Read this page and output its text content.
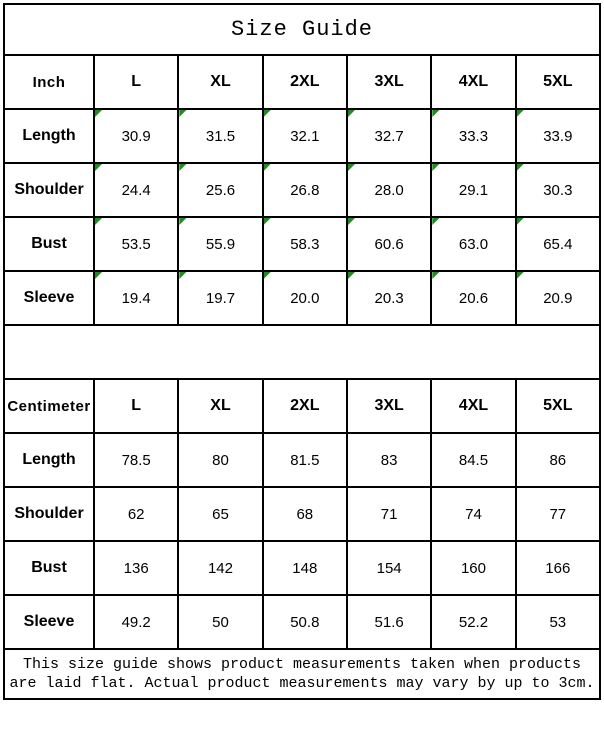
Size Guide						
Inch	L	XL	2XL	3XL	4XL	5XL
Length	30.9	31.5	32.1	32.7	33.3	33.9
Shoulder	24.4	25.6	26.8	28.0	29.1	30.3
Bust	53.5	55.9	58.3	60.6	63.0	65.4
Sleeve	19.4	19.7	20.0	20.3	20.6	20.9

Centimeter	L	XL	2XL	3XL	4XL	5XL
Length	78.5	80	81.5	83	84.5	86
Shoulder	62	65	68	71	74	77
Bust	136	142	148	154	160	166
Sleeve	49.2	50	50.8	51.6	52.2	53

This size guide shows product measurements taken when products
are laid flat. Actual product measurements may vary by up to 3cm.						
